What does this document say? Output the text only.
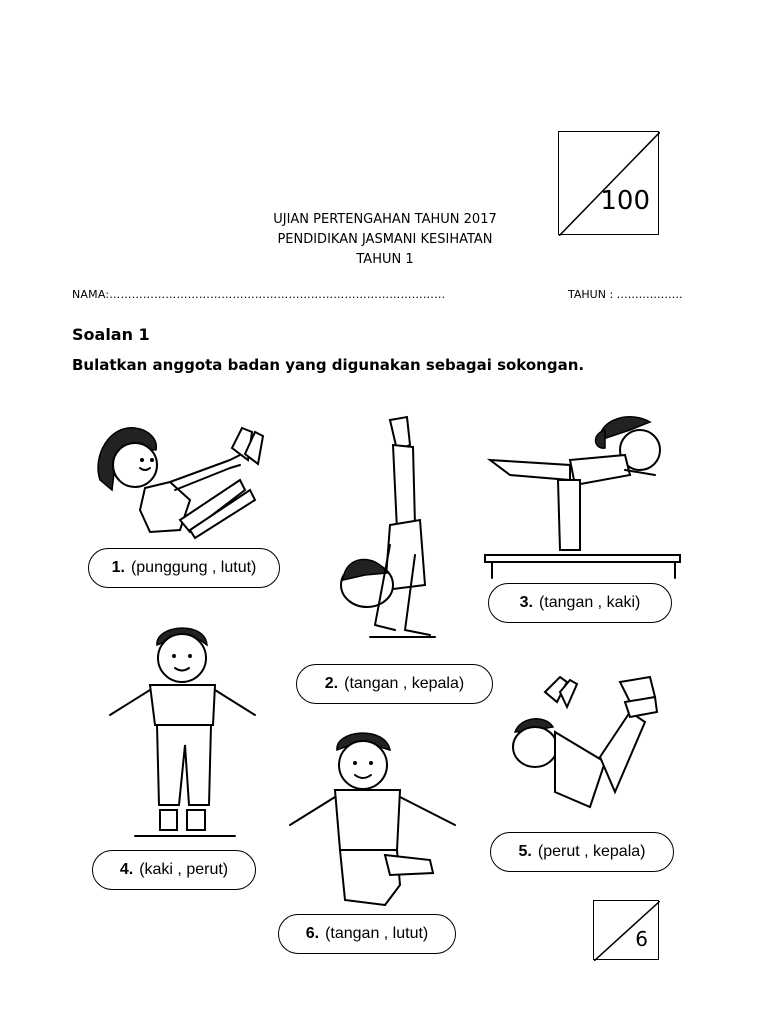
100
UJIAN PERTENGAHAN TAHUN 2017
PENDIDIKAN JASMANI KESIHATAN
TAHUN 1
NAMA:………………………………………………………………………………	TAHUN : ………………
Soalan 1
Bulatkan anggota badan yang digunakan sebagai sokongan.
1. (punggung , lutut)
2. (tangan , kepala)
3. (tangan , kaki)
4. (kaki , perut)
5. (perut , kepala)
6. (tangan , lutut)	6
